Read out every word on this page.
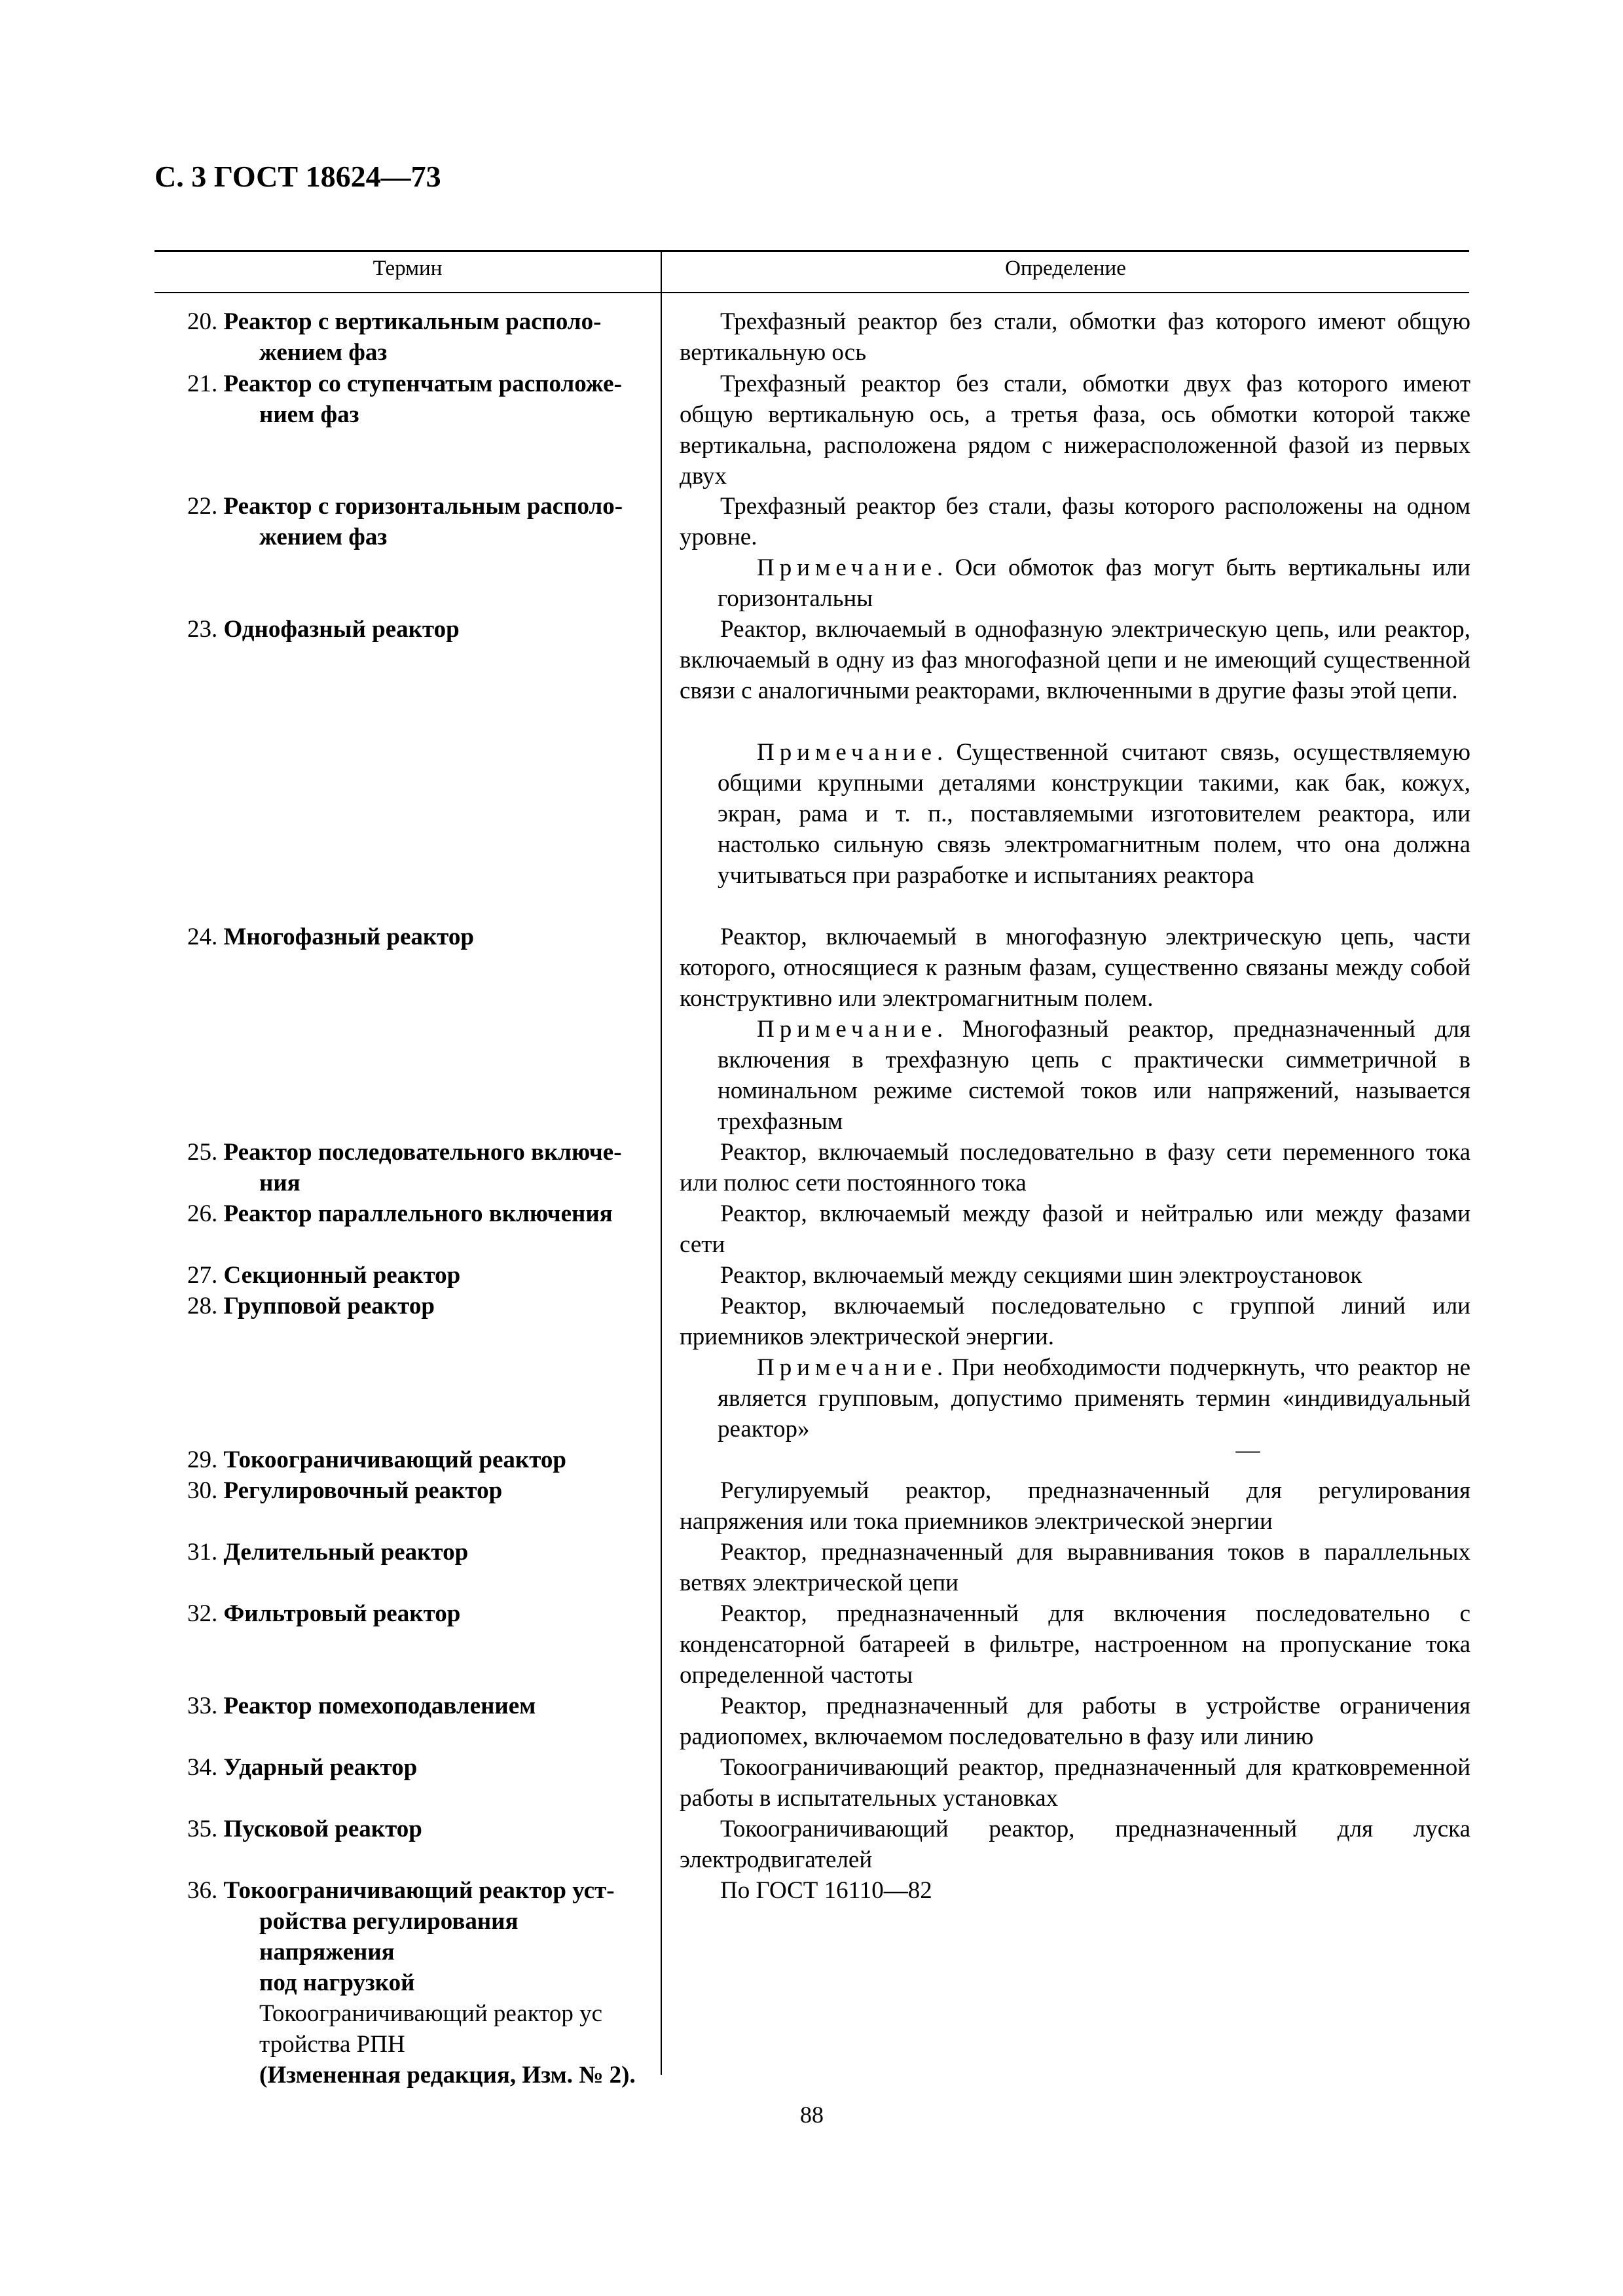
С. 3 ГОСТ 18624—73
Термин	Определение
20. Реактор с вертикальным располо-
жением фаз

Трехфазный реактор без стали, обмотки фаз которого имеют общую вертикальную ось

21. Реактор со ступенчатым расположе-
нием фаз

Трехфазный реактор без стали, обмотки двух фаз которого имеют общую вертикальную ось, а третья фаза, ось обмотки которой также вертикальна, расположена рядом с нижерасположенной фазой из первых двух

22. Реактор с горизонтальным располо-
жением фаз

Трехфазный реактор без стали, фазы которого расположены на одном уровне.

Примечание. Оси обмоток фаз могут быть вертикальны или горизонтальны

23. Однофазный реактор	Реактор, включаемый в однофазную электрическую цепь, или реактор, включаемый в одну из фаз многофазной цепи и не имеющий существенной связи с аналогичными реакторами, включенными в другие фазы этой цепи.

Примечание. Существенной считают связь, осуществляемую общими крупными деталями конструкции такими, как бак, кожух, экран, рама и т. п., поставляемыми изготовителем реактора, или настолько сильную связь электромагнитным полем, что она должна учитываться при разработке и испытаниях реактора

24. Многофазный реактор	Реактор, включаемый в многофазную электрическую цепь, части которого, относящиеся к разным фазам, существенно связаны между собой конструктивно или электромагнитным полем.

Примечание. Многофазный реактор, предназначенный для включения в трехфазную цепь с практически симметричной в номинальном режиме системой токов или напряжений, называется трехфазным

25. Реактор последовательного включе-
ния

Реактор, включаемый последовательно в фазу сети переменного тока или полюс сети постоянного тока

26. Реактор параллельного включения	Реактор, включаемый между фазой и нейтралью или между фазами сети

27. Секционный реактор	Реактор, включаемый между секциями шин электроустановок

28. Групповой реактор	Реактор, включаемый последовательно с группой линий или приемников электрической энергии.

Примечание. При необходимости подчеркнуть, что реактор не является групповым, допустимо применять термин «индивидуальный реактор»

29. Токоограничивающий реактор	—
30. Регулировочный реактор	Регулируемый реактор, предназначенный для регулирования напряжения или тока приемников электрической энергии

31. Делительный реактор	Реактор, предназначенный для выравнивания токов в параллельных ветвях электрической цепи

32. Фильтровый реактор	Реактор, предназначенный для включения последовательно с конденсаторной батареей в фильтре, настроенном на пропускание тока определенной частоты

33. Реактор помехоподавлением	Реактор, предназначенный для работы в устройстве ограничения радиопомех, включаемом последовательно в фазу или линию

34. Ударный реактор	Токоограничивающий реактор, предназначенный для кратковременной работы в испытательных установках

35. Пусковой реактор	Токоограничивающий реактор, предназначенный для луска электродвигателей

36. Токоограничивающий реактор уст-
ройства регулирования напряжения
под нагрузкой
Токоограничивающий реактор ус
тройства РПН
(Измененная редакция, Изм. № 2).

По ГОСТ 16110—82

88
